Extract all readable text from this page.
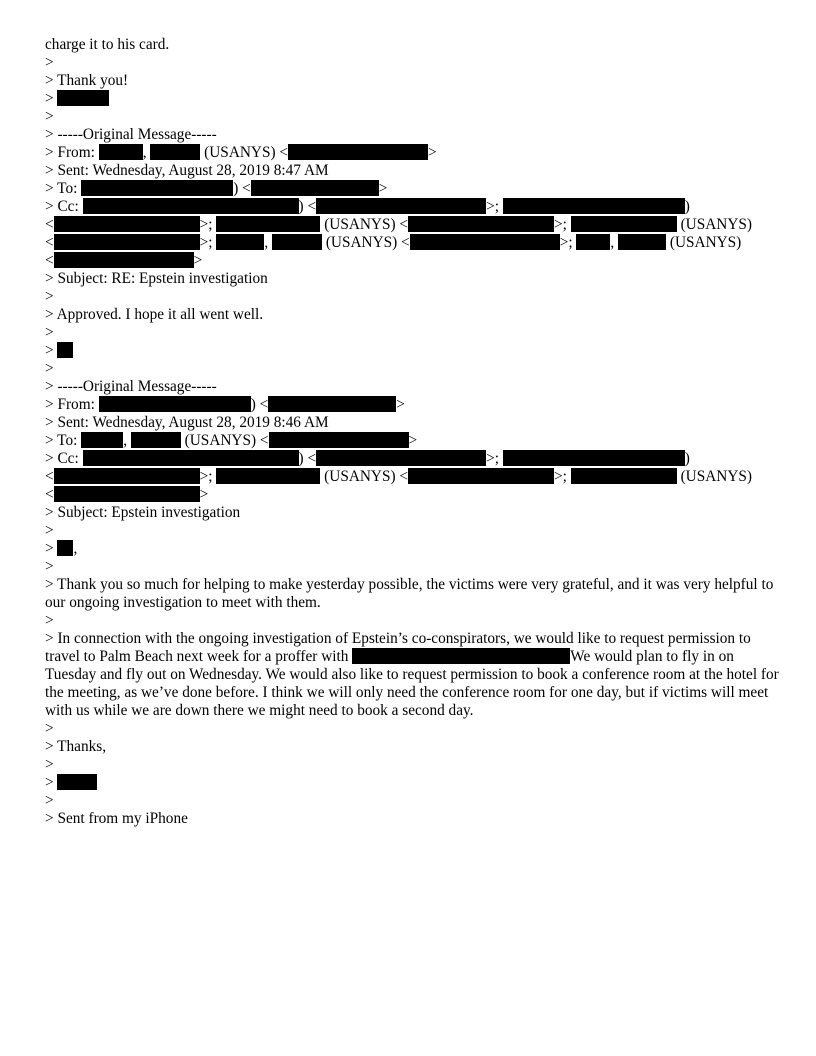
charge it to his card.
>
> Thank you!
>
>
> -----Original Message-----
> From:	,	(USANYS) <	>
> Sent: Wednesday, August 28, 2019 8:47 AM
> To:	) <	>
> Cc:	) <	>;	)
<	>;	(USANYS) <	>;	(USANYS)
<	>;	,	(USANYS) <	>; ,	(USANYS)
<	>
> Subject: RE: Epstein investigation
>
> Approved. I hope it all went well.
>
>
>
> -----Original Message-----
> From:	) <	>
> Sent: Wednesday, August 28, 2019 8:46 AM
> To:	,	(USANYS) <	>
> Cc:	) <	>;	)
<	>;	(USANYS) <	>;	(USANYS)
<	>
> Subject: Epstein investigation
>
> ,
>
> Thank you so much for helping to make yesterday possible, the victims were very grateful, and it was very helpful to our ongoing investigation to meet with them.
>
> In connection with the ongoing investigation of Epstein’s co-conspirators, we would like to request permission to travel to Palm Beach next week for a proffer with	We would plan to fly in on Tuesday and fly out on Wednesday. We would also like to request permission to book a conference room at the hotel for the meeting, as we’ve done before. I think we will only need the conference room for one day, but if victims will meet with us while we are down there we might need to book a second day.
>
> Thanks,
>
>
>
> Sent from my iPhone
